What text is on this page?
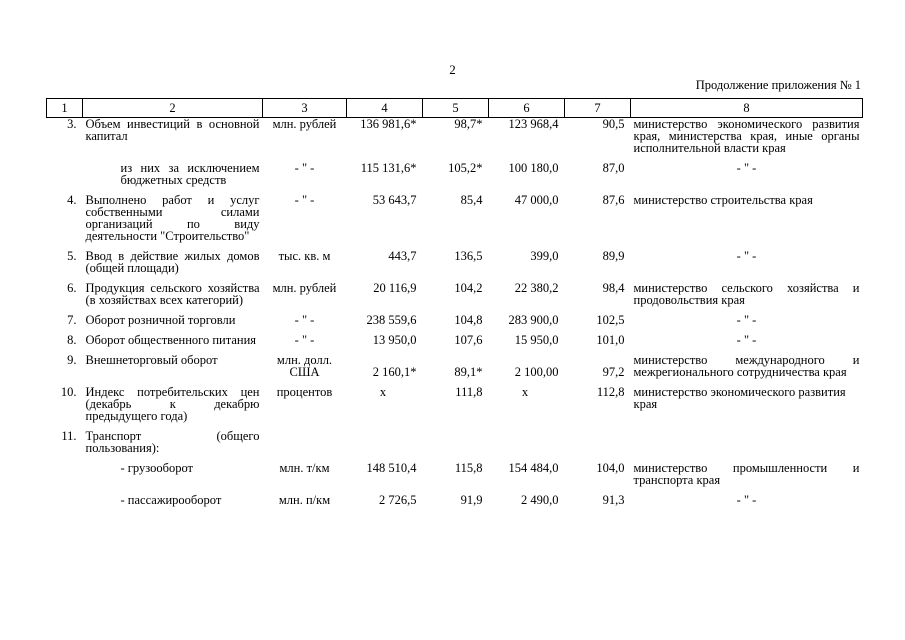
2
Продолжение приложения № 1
1	2	3	4	5	6	7	8
3.	Объем инвестиций в основной капитал	млн. рублей	136 981,6*	98,7*	123 968,4	90,5	министерство экономического развития края, министерства края, иные органы исполнительной власти края
	из них за исключением бюджетных средств	- " -	115 131,6*	105,2*	100 180,0	87,0	- " -
4.	Выполнено работ и услуг собственными силами организаций по виду деятельности "Строительство"	- " -	53 643,7	85,4	47 000,0	87,6	министерство строительства края
5.	Ввод в действие жилых домов (общей площади)	тыс. кв. м	443,7	136,5	399,0	89,9	- " -
6.	Продукция сельского хозяйства (в хозяйствах всех категорий)	млн. рублей	20 116,9	104,2	22 380,2	98,4	министерство сельского хозяйства и продовольствия края
7.	Оборот розничной торговли	- " -	238 559,6	104,8	283 900,0	102,5	- " -
8.	Оборот общественного питания	- " -	13 950,0	107,6	15 950,0	101,0	- " -
9.	Внешнеторговый оборот	млн. долл. США	2 160,1*	89,1*	2 100,00	97,2	министерство международного и межрегионального сотрудничества края
10.	Индекс потребительских цен (декабрь к декабрю предыдущего года)	процентов	х	111,8	х	112,8	министерство экономического развития края
11.	Транспорт (общего пользования):						
	- грузооборот	млн. т/км	148 510,4	115,8	154 484,0	104,0	министерство промышленности и транспорта края
	- пассажирооборот	млн. п/км	2 726,5	91,9	2 490,0	91,3	- " -
